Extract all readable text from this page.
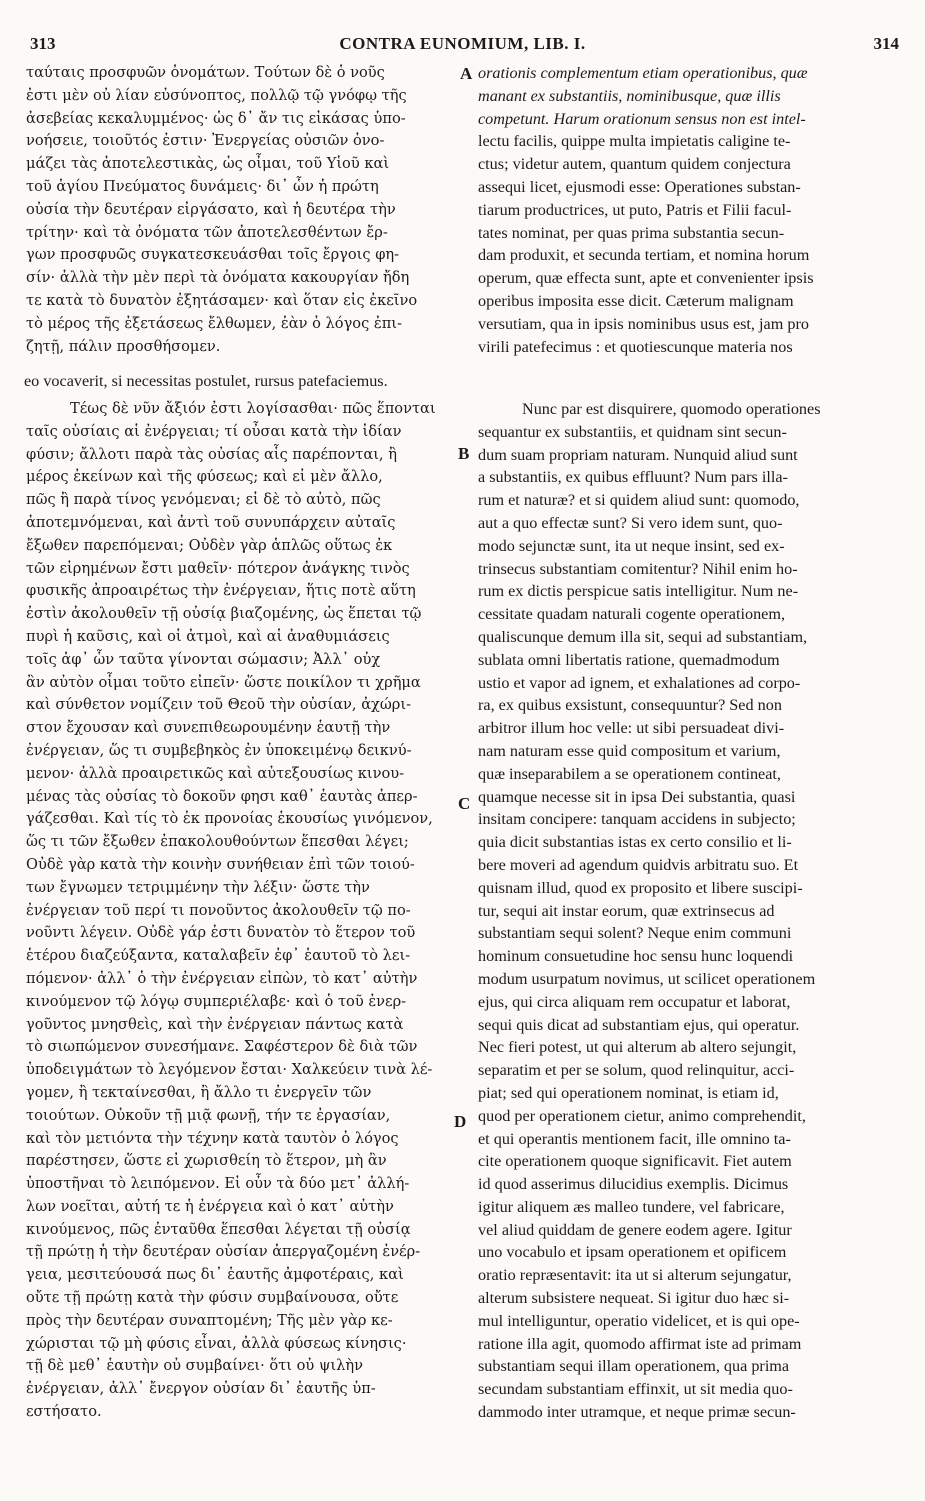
313	CONTRA EUNOMIUM, LIB. I.	314
ταύταις προσφυῶν ὀνομάτων. Τούτων δὲ ὁ νοῦς
ἐστι μὲν οὐ λίαν εὐσύνοπτος, πολλῷ τῷ γνόφῳ τῆς
ἀσεβείας κεκαλυμμένος· ὡς δ᾿ ἄν τις εἰκάσας ὑπο-
νοήσειε, τοιοῦτός ἐστιν· Ἐνεργείας οὐσιῶν ὀνο-
μάζει τὰς ἀποτελεστικὰς, ὡς οἶμαι, τοῦ Υἱοῦ καὶ
τοῦ ἁγίου Πνεύματος δυνάμεις· δι᾿ ὧν ἡ πρώτη
οὐσία τὴν δευτέραν εἰργάσατο, καὶ ἡ δευτέρα τὴν
τρίτην· καὶ τὰ ὀνόματα τῶν ἀποτελεσθέντων ἔρ-
γων προσφυῶς συγκατεσκευάσθαι τοῖς ἔργοις φη-
σίν· ἀλλὰ τὴν μὲν περὶ τὰ ὀνόματα κακουργίαν ἤδη
τε κατὰ τὸ δυνατὸν ἐξητάσαμεν· καὶ ὅταν εἰς ἐκεῖνο
τὸ μέρος τῆς ἐξετάσεως ἔλθωμεν, ἐὰν ὁ λόγος ἐπι-
ζητῇ, πάλιν προσθήσομεν.
orationis complementum etiam operationibus, quæ
manant ex substantiis, nominibusque, quæ illis
competunt. Harum orationum sensus non est intel-
lectu facilis, quippe multa impietatis caligine te-
ctus; videtur autem, quantum quidem conjectura
assequi licet, ejusmodi esse: Operationes substan-
tiarum productrices, ut puto, Patris et Filii facul-
tates nominat, per quas prima substantia secun-
dam produxit, et secunda tertiam, et nomina horum
operum, quæ effecta sunt, apte et convenienter ipsis
operibus imposita esse dicit. Cæterum malignam
versutiam, qua in ipsis nominibus usus est, jam pro
virili patefecimus : et quotiescunque materia nos
eo vocaverit, si necessitas postulet, rursus patefaciemus.
Τέως δὲ νῦν ἄξιόν ἐστι λογίσασθαι· πῶς ἕπονται
ταῖς οὐσίαις αἱ ἐνέργειαι; τί οὖσαι κατὰ τὴν ἰδίαν
φύσιν; ἄλλοτι παρὰ τὰς οὐσίας αἷς παρέπονται, ἢ
μέρος ἐκείνων καὶ τῆς φύσεως; καὶ εἰ μὲν ἄλλο,
πῶς ἢ παρὰ τίνος γενόμεναι; εἰ δὲ τὸ αὐτὸ, πῶς
ἀποτεμνόμεναι, καὶ ἀντὶ τοῦ συνυπάρχειν αὐταῖς
ἔξωθεν παρεπόμεναι; Οὐδὲν γὰρ ἁπλῶς οὕτως ἐκ
τῶν εἰρημένων ἔστι μαθεῖν· πότερον ἀνάγκης τινὸς
φυσικῆς ἀπροαιρέτως τὴν ἐνέργειαν, ἥτις ποτὲ αὕτη
ἐστὶν ἀκολουθεῖν τῇ οὐσίᾳ βιαζομένης, ὡς ἕπεται τῷ
πυρὶ ἡ καῦσις, καὶ οἱ ἀτμοὶ, καὶ αἱ ἀναθυμιάσεις
τοῖς ἀφ᾿ ὧν ταῦτα γίνονται σώμασιν; Ἀλλ᾿ οὐχ
ἂν αὐτὸν οἶμαι τοῦτο εἰπεῖν· ὥστε ποικίλον τι χρῆμα
καὶ σύνθετον νομίζειν τοῦ Θεοῦ τὴν οὐσίαν, ἀχώρι-
στον ἔχουσαν καὶ συνεπιθεωρουμένην ἑαυτῇ τὴν
ἐνέργειαν, ὥς τι συμβεβηκὸς ἐν ὑποκειμένῳ δεικνύ-
μενον· ἀλλὰ προαιρετικῶς καὶ αὐτεξουσίως κινου-
μένας τὰς οὐσίας τὸ δοκοῦν φησι καθ᾿ ἑαυτὰς ἀπερ-
γάζεσθαι. Καὶ τίς τὸ ἐκ προνοίας ἑκουσίως γινόμενον,
ὥς τι τῶν ἔξωθεν ἐπακολουθούντων ἕπεσθαι λέγει;
Οὐδὲ γὰρ κατὰ τὴν κοινὴν συνήθειαν ἐπὶ τῶν τοιού-
των ἔγνωμεν τετριμμένην τὴν λέξιν· ὥστε τὴν
ἐνέργειαν τοῦ περί τι πονοῦντος ἀκολουθεῖν τῷ πο-
νοῦντι λέγειν. Οὐδὲ γάρ ἐστι δυνατὸν τὸ ἕτερον τοῦ
ἑτέρου διαζεύξαντα, καταλαβεῖν ἐφ᾿ ἑαυτοῦ τὸ λει-
πόμενον· ἀλλ᾿ ὁ τὴν ἐνέργειαν εἰπὼν, τὸ κατ᾿ αὐτὴν
κινούμενον τῷ λόγῳ συμπεριέλαβε· καὶ ὁ τοῦ ἐνερ-
γοῦντος μνησθεὶς, καὶ τὴν ἐνέργειαν πάντως κατὰ
τὸ σιωπώμενον συνεσήμανε. Σαφέστερον δὲ διὰ τῶν
ὑποδειγμάτων τὸ λεγόμενον ἔσται· Χαλκεύειν τινὰ λέ-
γομεν, ἢ τεκταίνεσθαι, ἢ ἄλλο τι ἐνεργεῖν τῶν
τοιούτων. Οὐκοῦν τῇ μιᾷ φωνῇ, τήν τε ἐργασίαν,
καὶ τὸν μετιόντα τὴν τέχνην κατὰ ταυτὸν ὁ λόγος
παρέστησεν, ὥστε εἰ χωρισθείη τὸ ἕτερον, μὴ ἂν
ὑποστῆναι τὸ λειπόμενον. Εἰ οὖν τὰ δύο μετ᾿ ἀλλή-
λων νοεῖται, αὐτή τε ἡ ἐνέργεια καὶ ὁ κατ᾿ αὐτὴν
κινούμενος, πῶς ἐνταῦθα ἕπεσθαι λέγεται τῇ οὐσίᾳ
τῇ πρώτῃ ἡ τὴν δευτέραν οὐσίαν ἀπεργαζομένη ἐνέρ-
γεια, μεσιτεύουσά πως δι᾿ ἑαυτῆς ἀμφοτέραις, καὶ
οὔτε τῇ πρώτῃ κατὰ τὴν φύσιν συμβαίνουσα, οὔτε
πρὸς τὴν δευτέραν συναπτομένη; Τῆς μὲν γὰρ κε-
χώρισται τῷ μὴ φύσις εἶναι, ἀλλὰ φύσεως κίνησις·
τῇ δὲ μεθ᾿ ἑαυτὴν οὐ συμβαίνει· ὅτι οὐ ψιλὴν
ἐνέργειαν, ἀλλ᾿ ἔνεργον οὐσίαν δι᾿ ἑαυτῆς ὑπ-
εστήσατο.
Nunc par est disquirere, quomodo operationes
sequantur ex substantiis, et quidnam sint secun-
dum suam propriam naturam. Nunquid aliud sunt
a substantiis, ex quibus effluunt? Num pars illa-
rum et naturæ? et si quidem aliud sunt: quomodo,
aut a quo effectæ sunt? Si vero idem sunt, quo-
modo sejunctæ sunt, ita ut neque insint, sed ex-
trinsecus substantiam comitentur? Nihil enim ho-
rum ex dictis perspicue satis intelligitur. Num ne-
cessitate quadam naturali cogente operationem,
qualiscunque demum illa sit, sequi ad substantiam,
sublata omni libertatis ratione, quemadmodum
ustio et vapor ad ignem, et exhalationes ad corpo-
ra, ex quibus exsistunt, consequuntur? Sed non
arbitror illum hoc velle: ut sibi persuadeat divi-
nam naturam esse quid compositum et varium,
quæ inseparabilem a se operationem contineat,
quamque necesse sit in ipsa Dei substantia, quasi
insitam concipere: tanquam accidens in subjecto;
quia dicit substantias istas ex certo consilio et li-
bere moveri ad agendum quidvis arbitratu suo. Et
quisnam illud, quod ex proposito et libere suscipi-
tur, sequi ait instar eorum, quæ extrinsecus ad
substantiam sequi solent? Neque enim communi
hominum consuetudine hoc sensu hunc loquendi
modum usurpatum novimus, ut scilicet operationem
ejus, qui circa aliquam rem occupatur et laborat,
sequi quis dicat ad substantiam ejus, qui operatur.
Nec fieri potest, ut qui alterum ab altero sejungit,
separatim et per se solum, quod relinquitur, acci-
piat; sed qui operationem nominat, is etiam id,
quod per operationem cietur, animo comprehendit,
et qui operantis mentionem facit, ille omnino ta-
cite operationem quoque significavit. Fiet autem
id quod asserimus dilucidius exemplis. Dicimus
igitur aliquem æs malleo tundere, vel fabricare,
vel aliud quiddam de genere eodem agere. Igitur
uno vocabulo et ipsam operationem et opificem
oratio repræsentavit: ita ut si alterum sejungatur,
alterum subsistere nequeat. Si igitur duo hæc si-
mul intelliguntur, operatio videlicet, et is qui ope-
ratione illa agit, quomodo affirmat iste ad primam
substantiam sequi illam operationem, qua prima
secundam substantiam effinxit, ut sit media quo-
dammodo inter utramque, et neque primæ secun-
A
B
C
D
